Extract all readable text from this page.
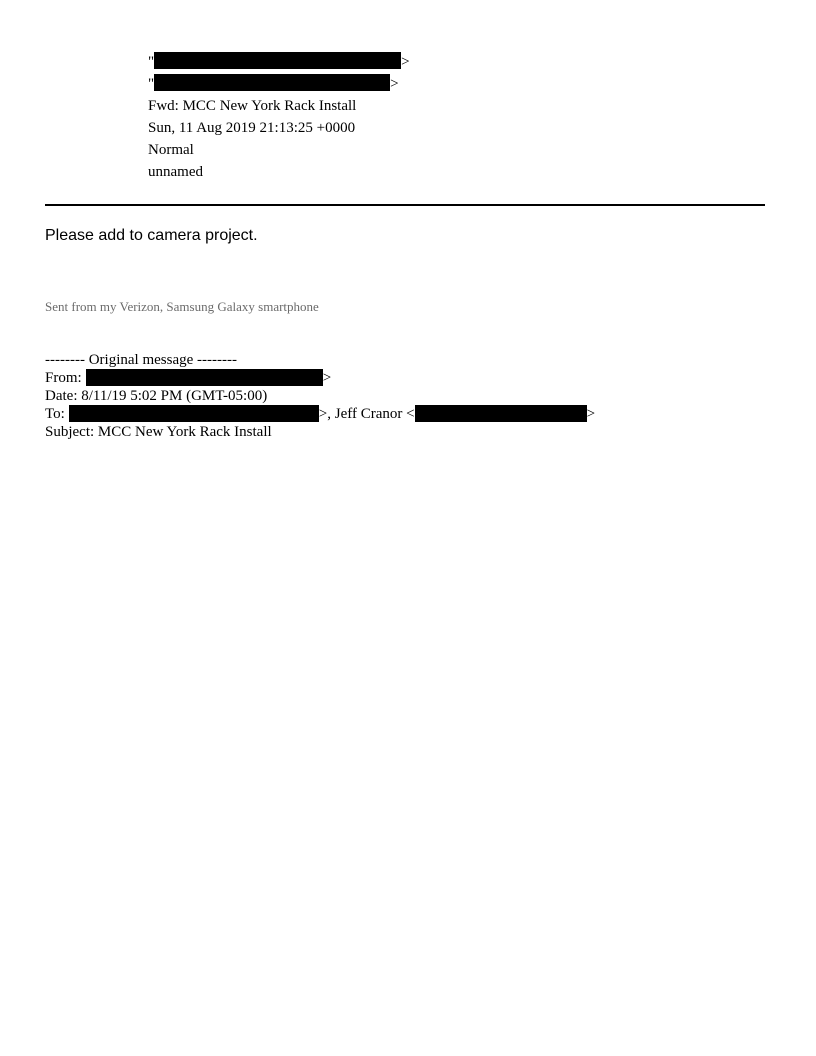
"	>
"	>
Fwd: MCC New York Rack Install
Sun, 11 Aug 2019 21:13:25 +0000
Normal
unnamed
Please add to camera project.
Sent from my Verizon, Samsung Galaxy smartphone
-------- Original message --------
From:	>
Date: 8/11/19 5:02 PM (GMT-05:00)
To:	>, Jeff Cranor <	>
Subject: MCC New York Rack Install
